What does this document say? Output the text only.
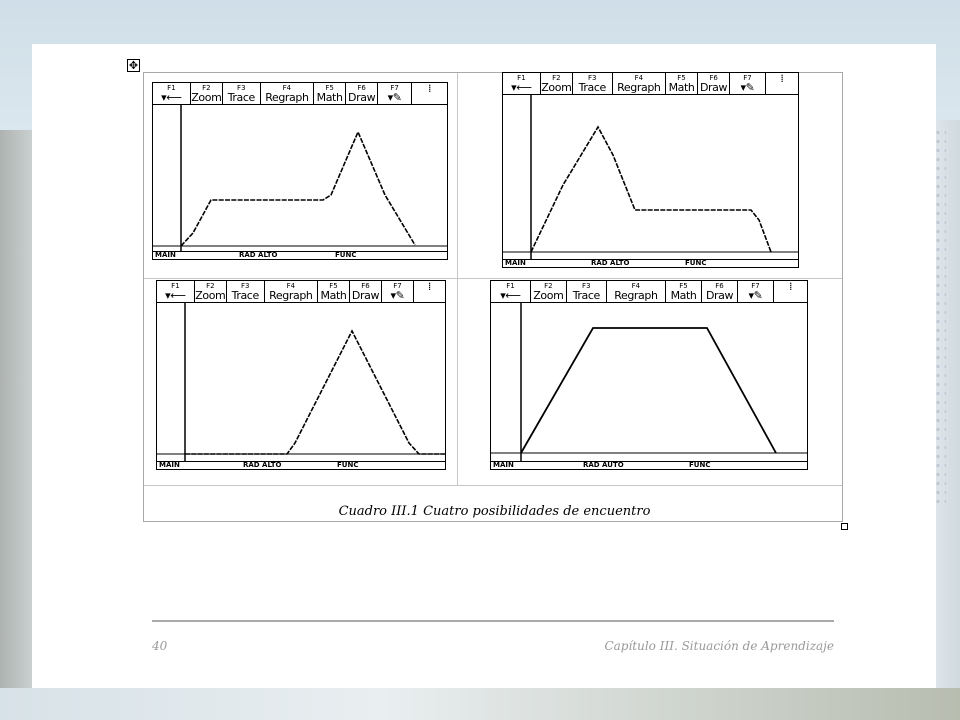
✥
F1
▾⟵
F2
Zoom
F3
Trace
F4
Regraph
F5
Math
F6
Draw
F7
▾✎
⁞
MAIN	RAD ALTO	FUNC
F1
▾⟵
F2
Zoom
F3
Trace
F4
Regraph
F5
Math
F6
Draw
F7
▾✎
⁞
MAIN	RAD ALTO	FUNC
F1
▾⟵
F2
Zoom
F3
Trace
F4
Regraph
F5
Math
F6
Draw
F7
▾✎
⁞
MAIN	RAD ALTO	FUNC
F1
▾⟵
F2
Zoom
F3
Trace
F4
Regraph
F5
Math
F6
Draw
F7
▾✎
⁞
MAIN	RAD AUTO	FUNC
Cuadro III.1 Cuatro posibilidades de encuentro
40	Capítulo III. Situación de Aprendizaje
